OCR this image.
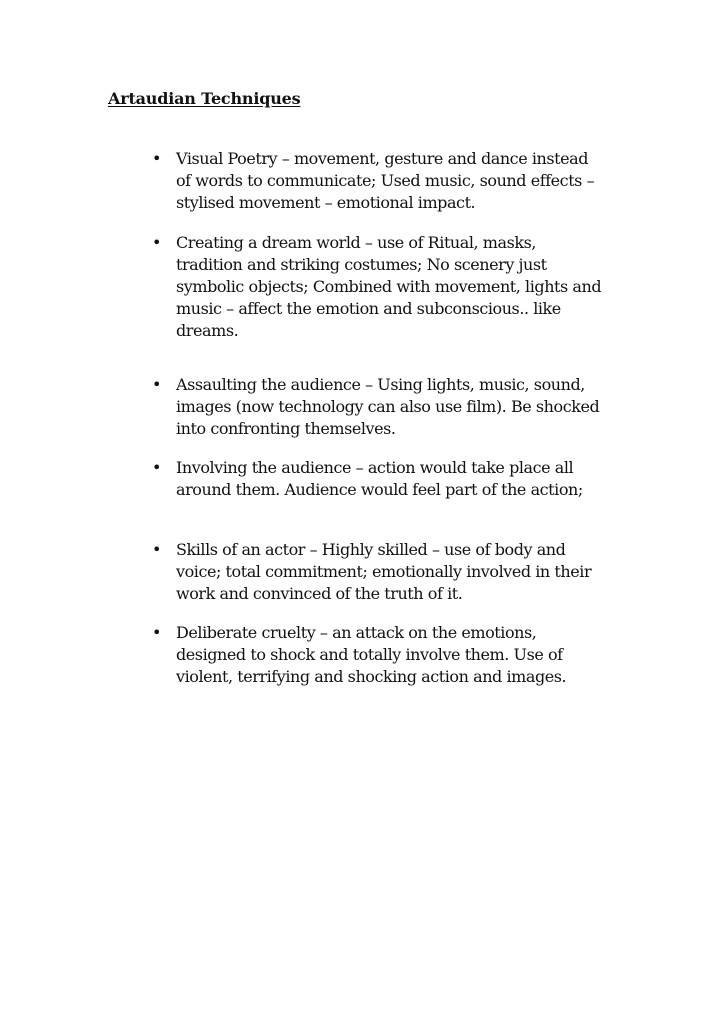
Artaudian Techniques
• Visual Poetry – movement, gesture and dance instead
of words to communicate; Used music, sound effects –
stylised movement – emotional impact.
• Creating a dream world – use of Ritual, masks,
tradition and striking costumes; No scenery just
symbolic objects; Combined with movement, lights and
music – affect the emotion and subconscious.. like
dreams.
• Assaulting the audience – Using lights, music, sound,
images (now technology can also use film). Be shocked
into confronting themselves.
• Involving the audience – action would take place all
around them. Audience would feel part of the action;
• Skills of an actor – Highly skilled – use of body and
voice; total commitment; emotionally involved in their
work and convinced of the truth of it.
• Deliberate cruelty – an attack on the emotions,
designed to shock and totally involve them. Use of
violent, terrifying and shocking action and images.
